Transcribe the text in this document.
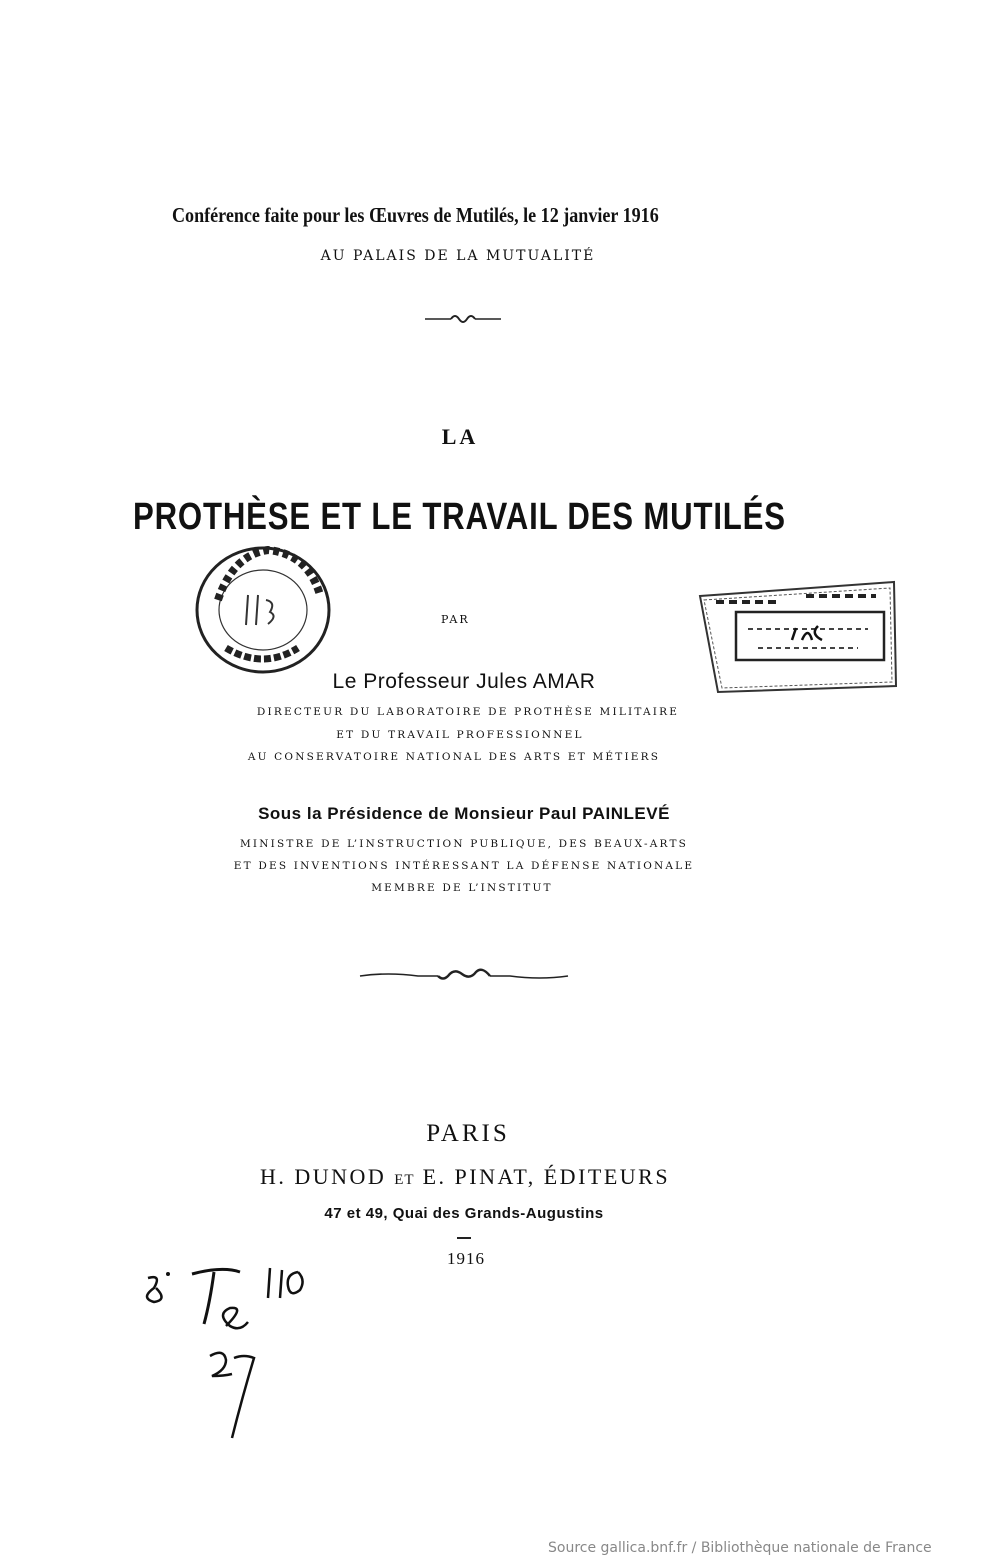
Conférence faite pour les Œuvres de Mutilés, le 12 janvier 1916
AU PALAIS DE LA MUTUALITÉ
LA
PROTHÈSE ET LE TRAVAIL DES MUTILÉS
PAR
Le Professeur Jules AMAR
DIRECTEUR DU LABORATOIRE DE PROTHÈSE MILITAIRE
ET DU TRAVAIL PROFESSIONNEL
AU CONSERVATOIRE NATIONAL DES ARTS ET MÉTIERS
Sous la Présidence de Monsieur Paul PAINLEVÉ
MINISTRE DE L’INSTRUCTION PUBLIQUE, DES BEAUX-ARTS
ET DES INVENTIONS INTÉRESSANT LA DÉFENSE NATIONALE
MEMBRE DE L’INSTITUT
PARIS
H. DUNOD ET E. PINAT, ÉDITEURS
47 et 49, Quai des Grands-Augustins
1916
Source gallica.bnf.fr / Bibliothèque nationale de France
